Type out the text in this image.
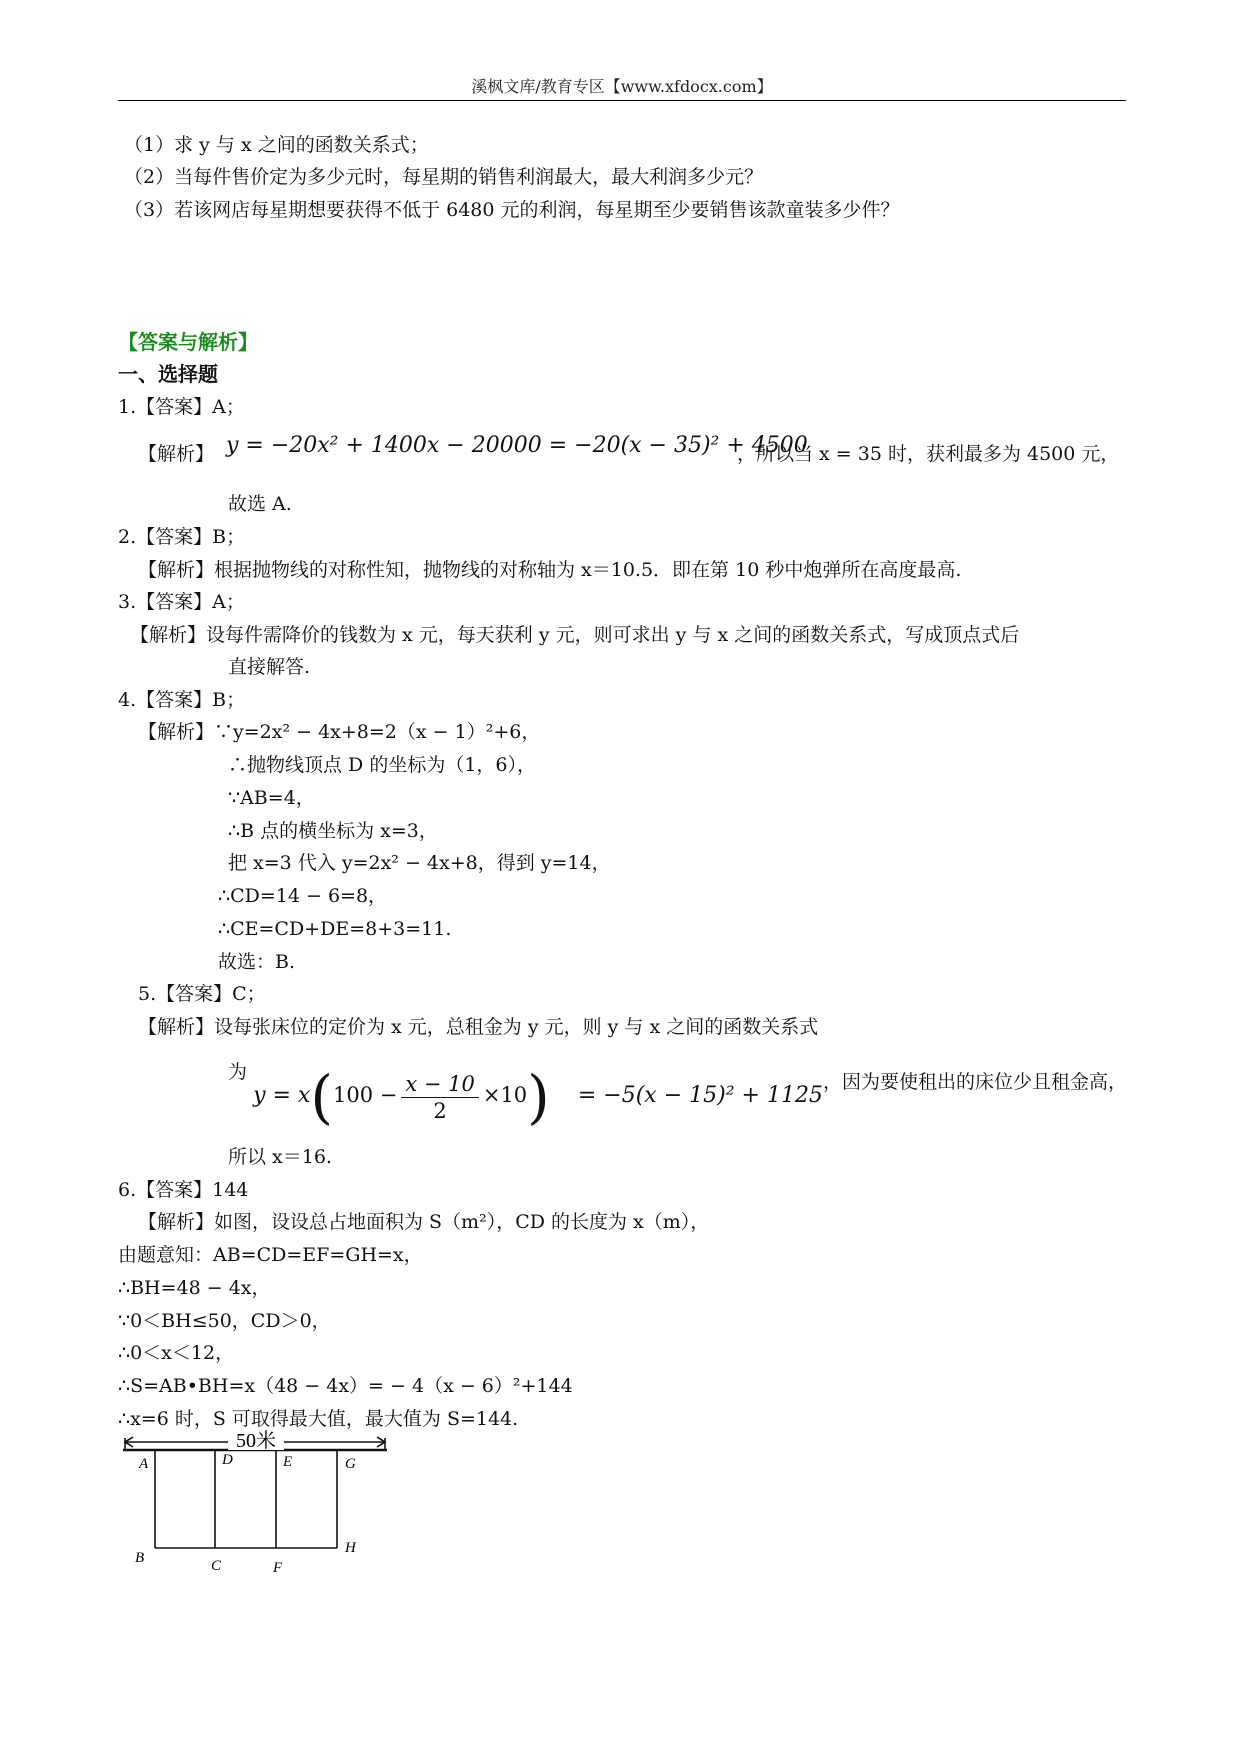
溪枫文库/教育专区【www.xfdocx.com】
（1）求 y 与 x 之间的函数关系式；
（2）当每件售价定为多少元时，每星期的销售利润最大，最大利润多少元？
（3）若该网店每星期想要获得不低于 6480 元的利润，每星期至少要销售该款童装多少件？
【答案与解析】
一、选择题
1.【答案】A；
【解析】 y = −20x² + 1400x − 20000 = −20(x − 35)² + 4500
，所以当 x = 35 时，获利最多为 4500 元，
故选 A.
2.【答案】B；
【解析】根据抛物线的对称性知，抛物线的对称轴为 x＝10.5．即在第 10 秒中炮弹所在高度最高.
3.【答案】A；
【解析】设每件需降价的钱数为 x 元，每天获利 y 元，则可求出 y 与 x 之间的函数关系式，写成顶点式后
直接解答.
4.【答案】B；
【解析】∵y=2x² − 4x+8=2（x − 1）²+6，
∴抛物线顶点 D 的坐标为（1，6），
∵AB=4，
∴B 点的横坐标为 x=3，
把 x=3 代入 y=2x² − 4x+8，得到 y=14，
∴CD=14 − 6=8，
∴CE=CD+DE=8+3=11.
故选：B.
5.【答案】C；
【解析】设每张床位的定价为 x 元，总租金为 y 元，则 y 与 x 之间的函数关系式
为 $y = x(100 - \frac{x - 10}{2} \times 10) = -5(x - 15)^2 + 1125$，因为要使租出的床位少且租金高，
所以 x＝16.
6.【答案】144
【解析】如图，设设总占地面积为 S（m²），CD 的长度为 x（m），
由题意知：AB=CD=EF=GH=x，
∴BH=48 − 4x，
∵0＜BH≤50，CD＞0，
∴0＜x＜12，
∴S=AB•BH=x（48 − 4x）= − 4（x − 6）²+144
∴x=6 时，S 可取得最大值，最大值为 S=144.
50米
A
B	C
D	E
F
G
H
